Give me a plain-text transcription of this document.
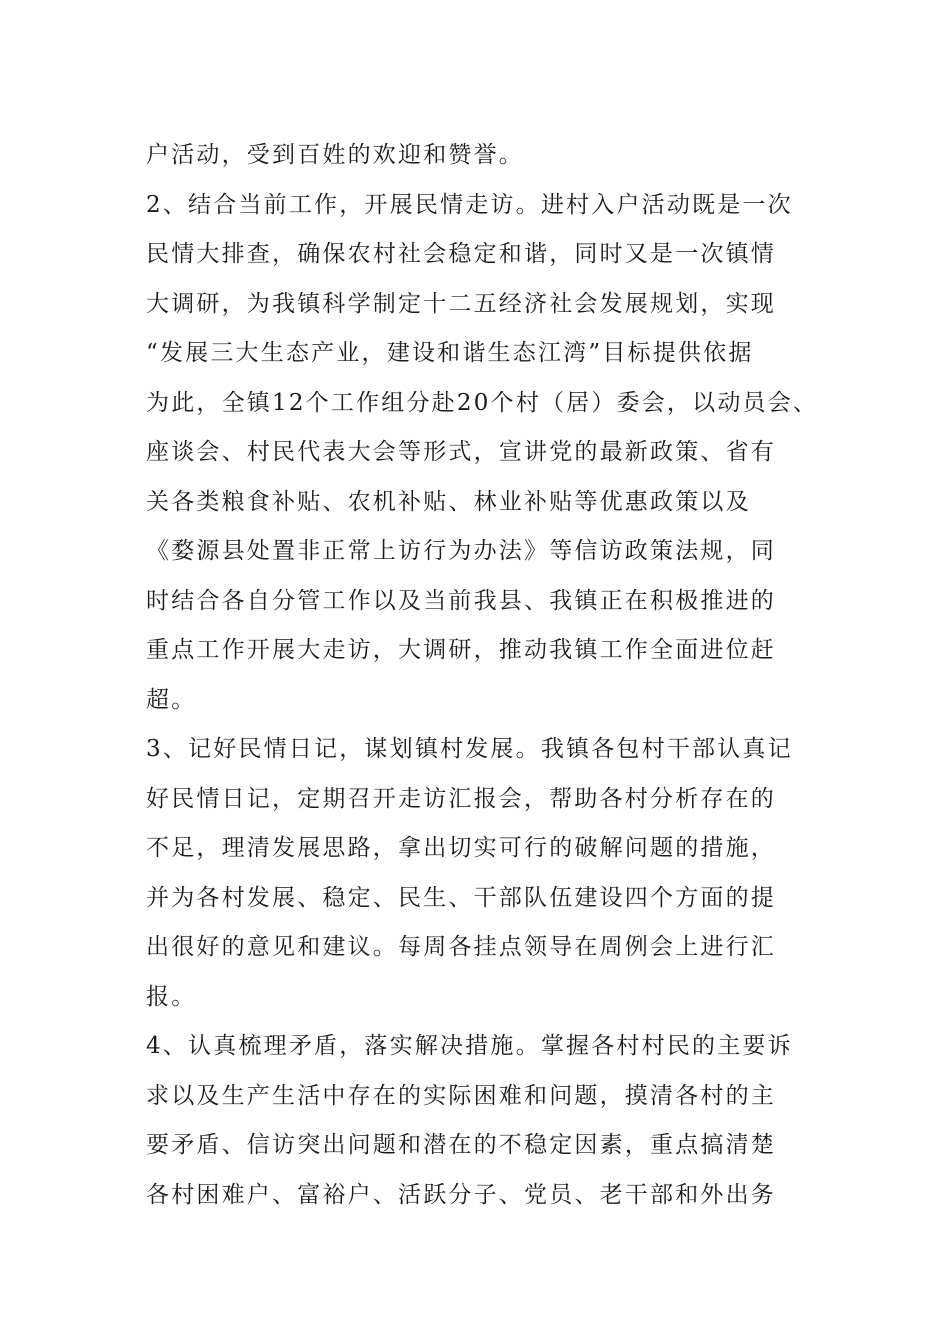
户活动，受到百姓的欢迎和赞誉。
2、结合当前工作，开展民情走访。进村入户活动既是一次
民情大排查，确保农村社会稳定和谐，同时又是一次镇情
大调研，为我镇科学制定十二五经济社会发展规划，实现
“发展三大生态产业，建设和谐生态江湾”目标提供依据
为此，全镇12个工作组分赴20个村（居）委会，以动员会、
座谈会、村民代表大会等形式，宣讲党的最新政策、省有
关各类粮食补贴、农机补贴、林业补贴等优惠政策以及
《婺源县处置非正常上访行为办法》等信访政策法规，同
时结合各自分管工作以及当前我县、我镇正在积极推进的
重点工作开展大走访，大调研，推动我镇工作全面进位赶
超。
3、记好民情日记，谋划镇村发展。我镇各包村干部认真记
好民情日记，定期召开走访汇报会，帮助各村分析存在的
不足，理清发展思路，拿出切实可行的破解问题的措施，
并为各村发展、稳定、民生、干部队伍建设四个方面的提
出很好的意见和建议。每周各挂点领导在周例会上进行汇
报。
4、认真梳理矛盾，落实解决措施。掌握各村村民的主要诉
求以及生产生活中存在的实际困难和问题，摸清各村的主
要矛盾、信访突出问题和潜在的不稳定因素，重点搞清楚
各村困难户、富裕户、活跃分子、党员、老干部和外出务
